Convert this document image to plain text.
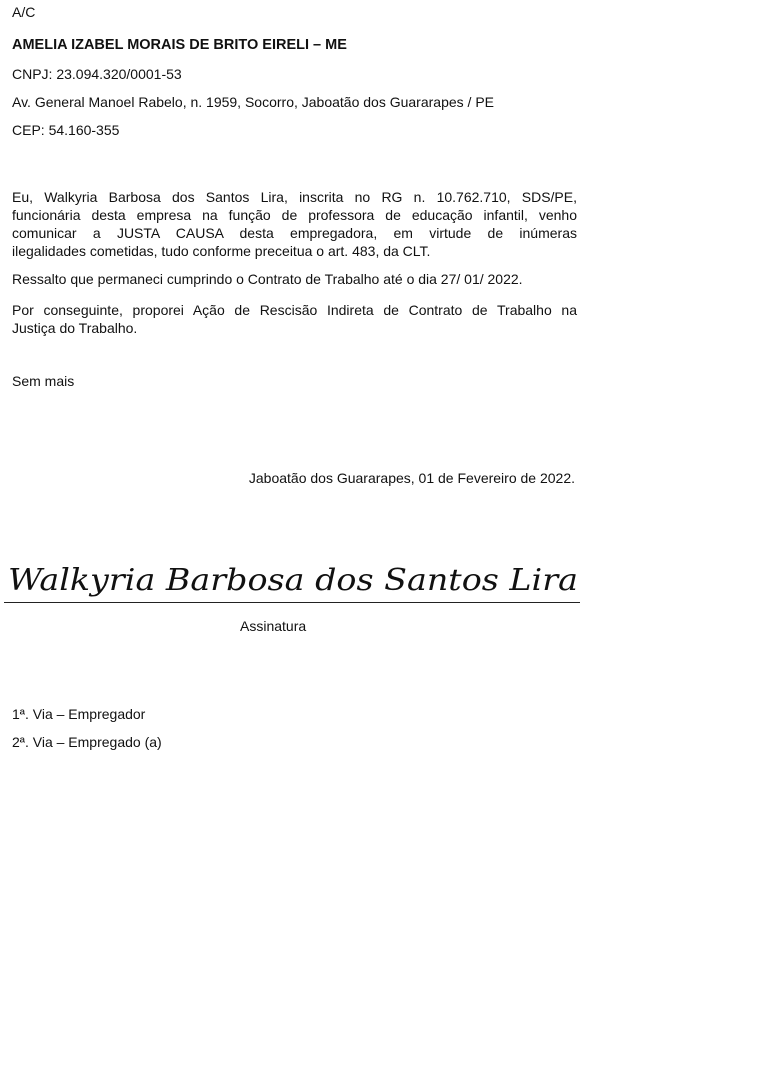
A/C
AMELIA IZABEL MORAIS DE BRITO EIRELI – ME
CNPJ: 23.094.320/0001-53
Av. General Manoel Rabelo, n. 1959, Socorro, Jaboatão dos Guararapes / PE
CEP: 54.160-355
Eu, Walkyria Barbosa dos Santos Lira, inscrita no RG n. 10.762.710, SDS/PE,
funcionária desta empresa na função de professora de educação infantil, venho
comunicar a JUSTA CAUSA desta empregadora, em virtude de inúmeras
ilegalidades cometidas, tudo conforme preceitua o art. 483, da CLT.
Ressalto que permaneci cumprindo o Contrato de Trabalho até o dia 27/ 01/ 2022.
Por conseguinte, proporei Ação de Rescisão Indireta de Contrato de Trabalho na
Justiça do Trabalho.
Sem mais
Jaboatão dos Guararapes, 01 de Fevereiro de 2022.
Walkyria Barbosa dos Santos Lira
Assinatura
1ª. Via – Empregador
2ª. Via – Empregado (a)
